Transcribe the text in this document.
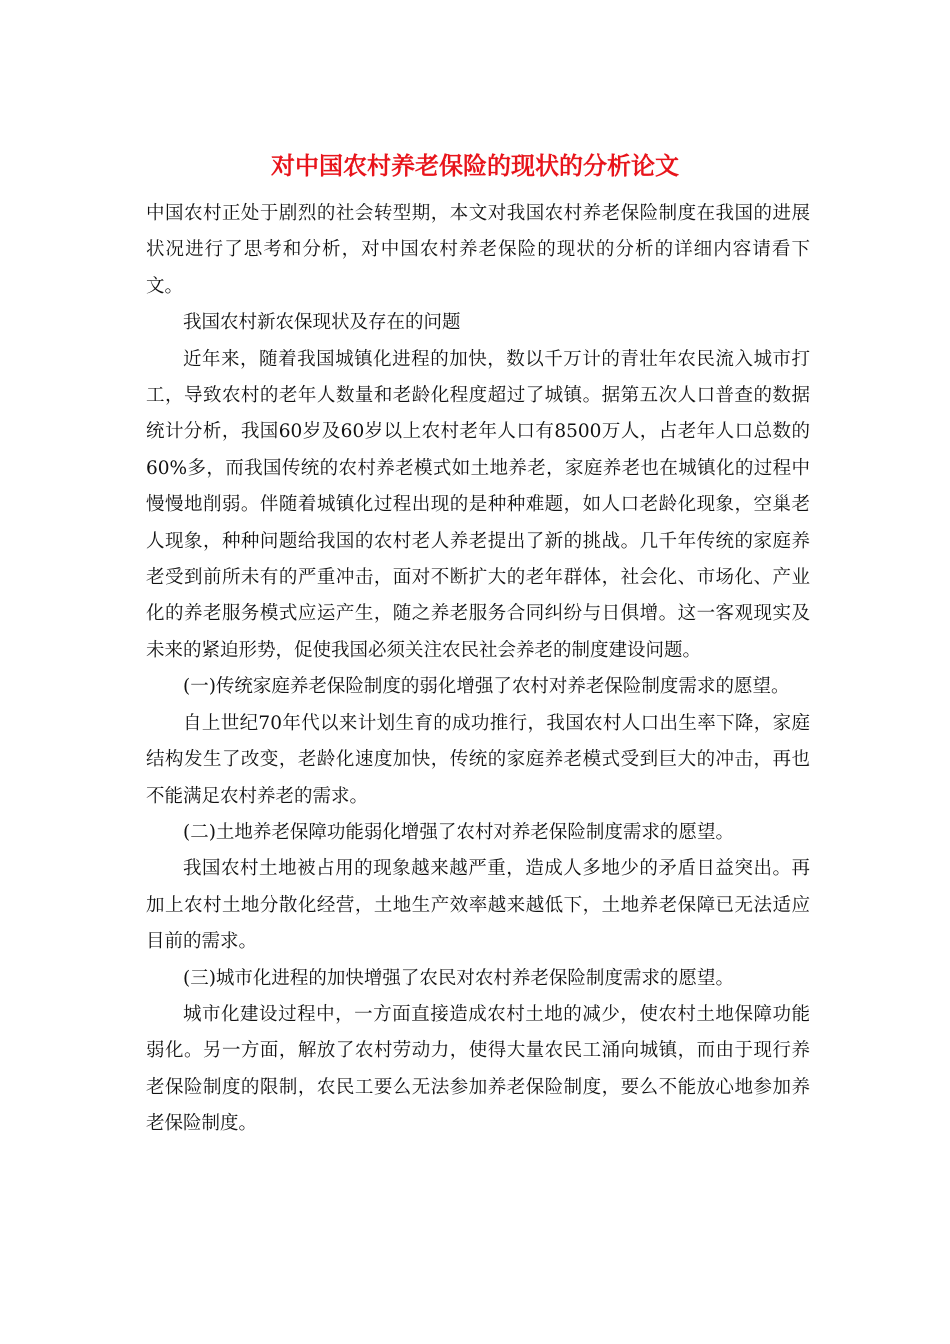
对中国农村养老保险的现状的分析论文

中国农村正处于剧烈的社会转型期，本文对我国农村养老保险制度在我国的进展状况进行了思考和分析，对中国农村养老保险的现状的分析的详细内容请看下文。

我国农村新农保现状及存在的问题

近年来，随着我国城镇化进程的加快，数以千万计的青壮年农民流入城市打工，导致农村的老年人数量和老龄化程度超过了城镇。据第五次人口普查的数据统计分析，我国60岁及60岁以上农村老年人口有8500万人，占老年人口总数的60%多，而我国传统的农村养老模式如土地养老，家庭养老也在城镇化的过程中慢慢地削弱。伴随着城镇化过程出现的是种种难题，如人口老龄化现象，空巢老人现象，种种问题给我国的农村老人养老提出了新的挑战。几千年传统的家庭养老受到前所未有的严重冲击，面对不断扩大的老年群体，社会化、市场化、产业化的养老服务模式应运产生，随之养老服务合同纠纷与日俱增。这一客观现实及未来的紧迫形势，促使我国必须关注农民社会养老的制度建设问题。

(一)传统家庭养老保险制度的弱化增强了农村对养老保险制度需求的愿望。

自上世纪70年代以来计划生育的成功推行，我国农村人口出生率下降，家庭结构发生了改变，老龄化速度加快，传统的家庭养老模式受到巨大的冲击，再也不能满足农村养老的需求。

(二)土地养老保障功能弱化增强了农村对养老保险制度需求的愿望。

我国农村土地被占用的现象越来越严重，造成人多地少的矛盾日益突出。再加上农村土地分散化经营，土地生产效率越来越低下，土地养老保障已无法适应目前的需求。

(三)城市化进程的加快增强了农民对农村养老保险制度需求的愿望。

城市化建设过程中，一方面直接造成农村土地的减少，使农村土地保障功能弱化。另一方面，解放了农村劳动力，使得大量农民工涌向城镇，而由于现行养老保险制度的限制，农民工要么无法参加养老保险制度，要么不能放心地参加养老保险制度。
